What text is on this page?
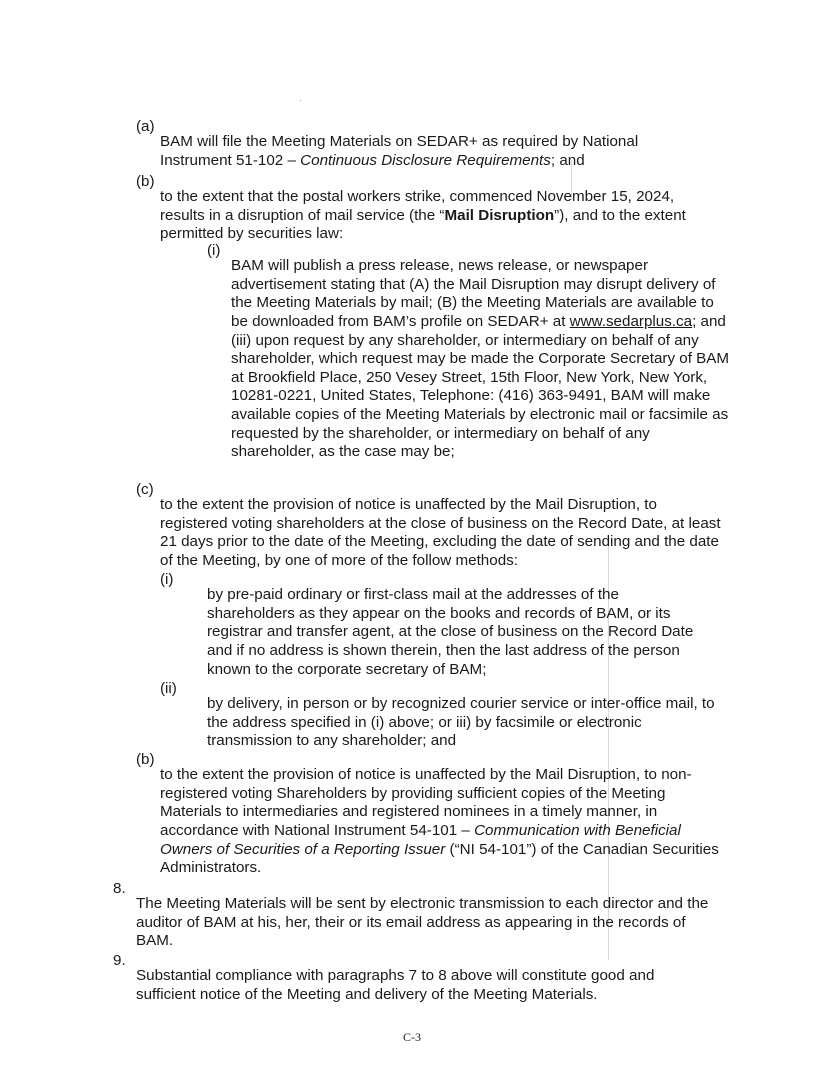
(a)

BAM will file the Meeting Materials on SEDAR+ as required by National Instrument 51-102 – Continuous Disclosure Requirements; and

(b)

to the extent that the postal workers strike, commenced November 15, 2024, results in a disruption of mail service (the “Mail Disruption”), and to the extent permitted by securities law:

(i)

BAM will publish a press release, news release, or newspaper advertisement stating that (A) the Mail Disruption may disrupt delivery of the Meeting Materials by mail; (B) the Meeting Materials are available to be downloaded from BAM’s profile on SEDAR+ at www.sedarplus.ca; and (iii) upon request by any shareholder, or intermediary on behalf of any shareholder, which request may be made the Corporate Secretary of BAM at Brookfield Place, 250 Vesey Street, 15th Floor, New York, New York, 10281-0221, United States, Telephone: (416) 363-9491, BAM will make available copies of the Meeting Materials by electronic mail or facsimile as requested by the shareholder, or intermediary on behalf of any shareholder, as the case may be;

(c)

to the extent the provision of notice is unaffected by the Mail Disruption, to registered voting shareholders at the close of business on the Record Date, at least 21 days prior to the date of the Meeting, excluding the date of sending and the date of the Meeting, by one of more of the follow methods:

(i)

by pre-paid ordinary or first-class mail at the addresses of the shareholders as they appear on the books and records of BAM, or its registrar and transfer agent, at the close of business on the Record Date and if no address is shown therein, then the last address of the person known to the corporate secretary of BAM;

(ii)

by delivery, in person or by recognized courier service or inter-office mail, to the address specified in (i) above; or iii) by facsimile or electronic transmission to any shareholder; and

(b)

to the extent the provision of notice is unaffected by the Mail Disruption, to non-registered voting Shareholders by providing sufficient copies of the Meeting Materials to intermediaries and registered nominees in a timely manner, in accordance with National Instrument 54-101 – Communication with Beneficial Owners of Securities of a Reporting Issuer (“NI 54-101”) of the Canadian Securities Administrators.

8.

The Meeting Materials will be sent by electronic transmission to each director and the auditor of BAM at his, her, their or its email address as appearing in the records of BAM.

9.

Substantial compliance with paragraphs 7 to 8 above will constitute good and sufficient notice of the Meeting and delivery of the Meeting Materials.

C-3
